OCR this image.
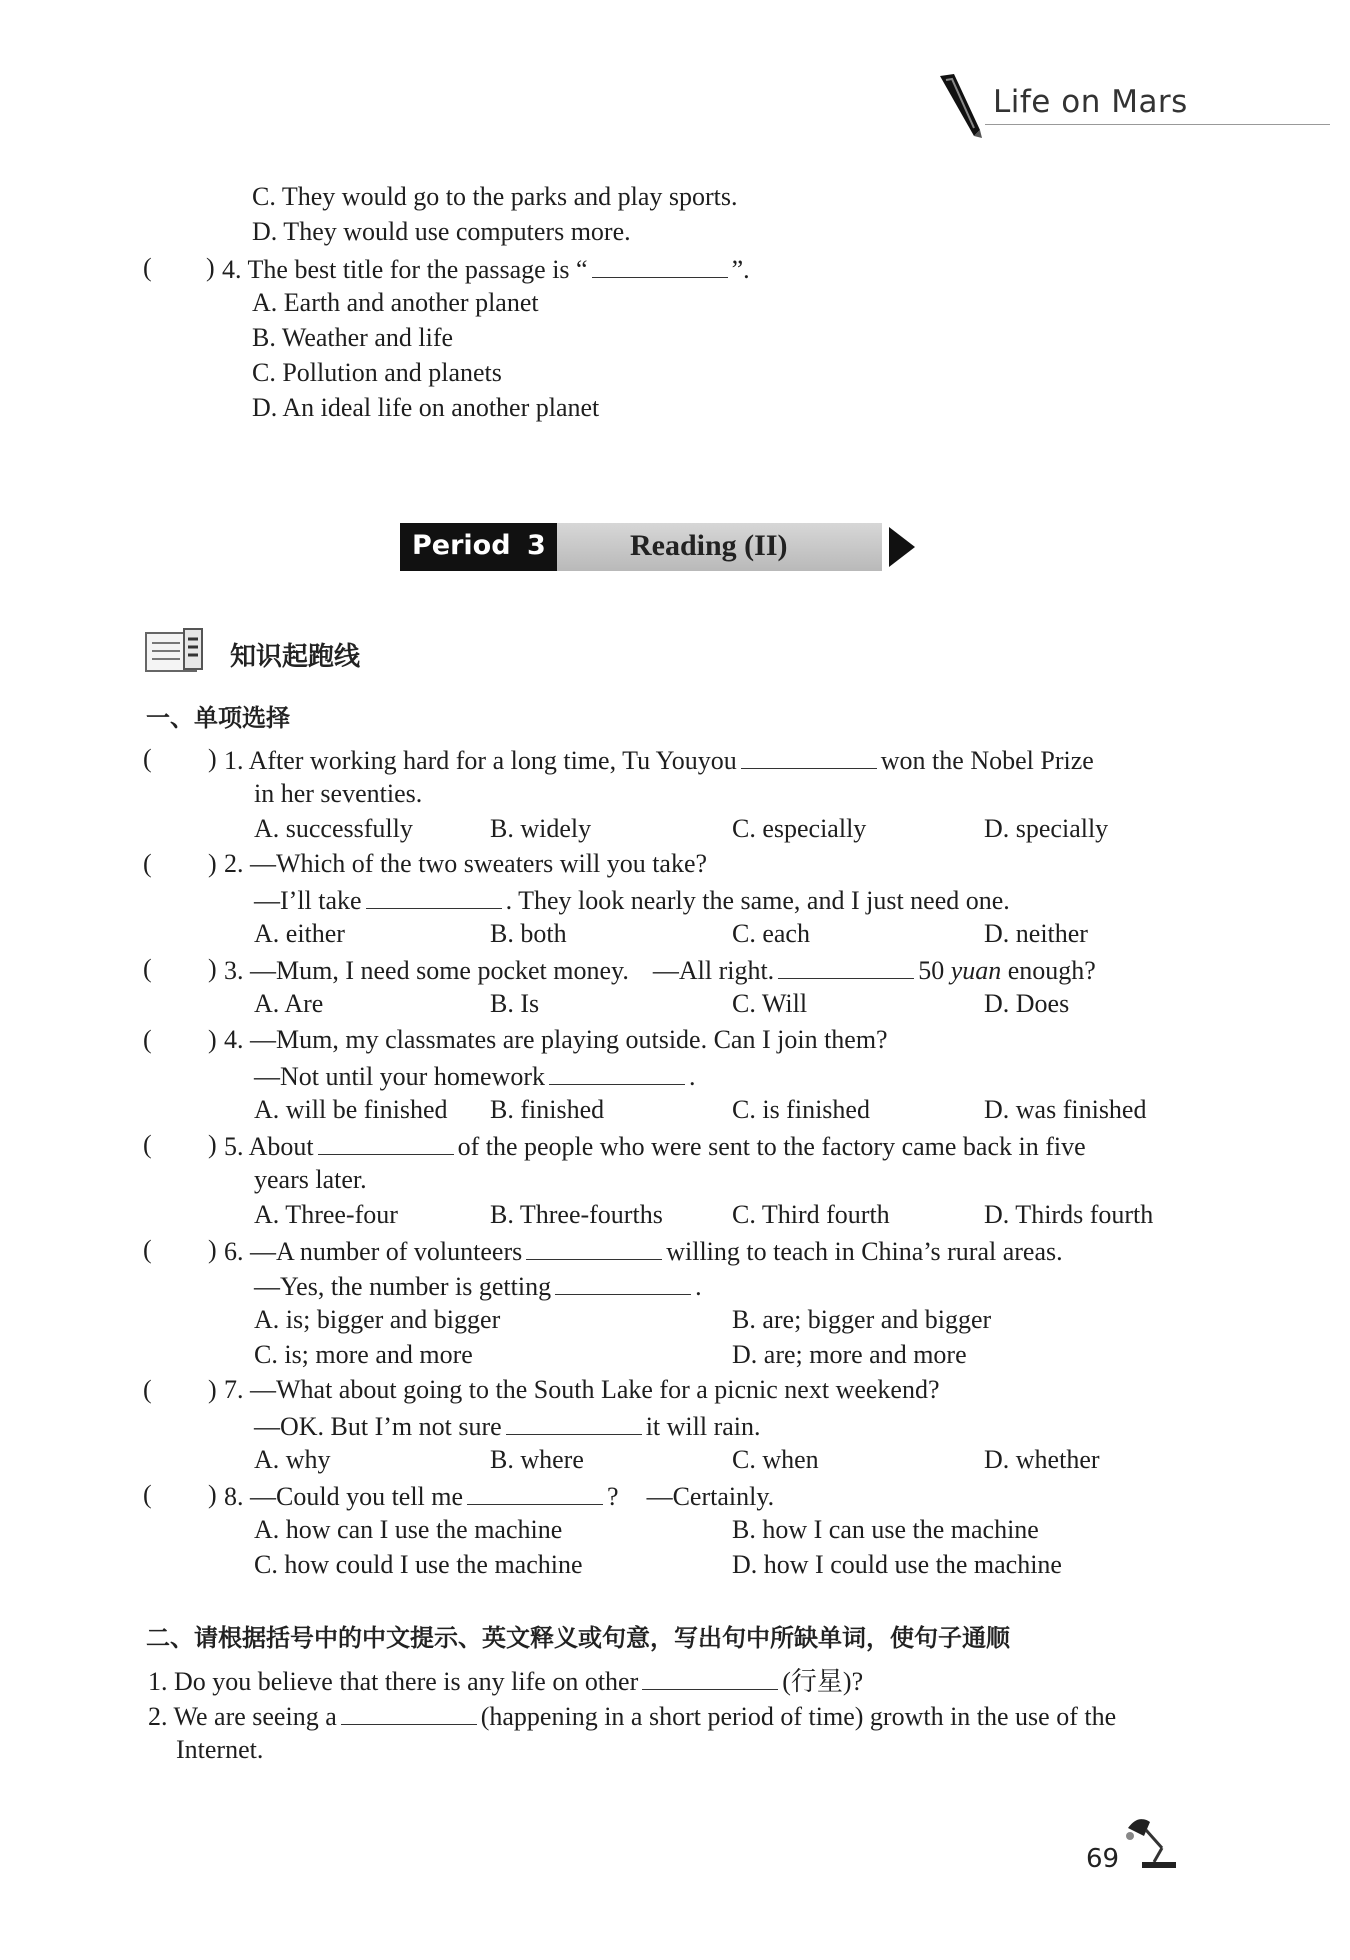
Life on Mars
C. They would go to the parks and play sports.
D. They would use computers more.
( ) 4. The best title for the passage is “	”.
A. Earth and another planet
B. Weather and life
C. Pollution and planets
D. An ideal life on another planet
Period 3	Reading (II)
知识起跑线
一、单项选择
( ) 1. After working hard for a long time, Tu Youyou	won the Nobel Prize
in her seventies.
A. successfully	B. widely	C. especially	D. specially
( ) 2. —Which of the two sweaters will you take?
—I’ll take	. They look nearly the same, and I just need one.
A. either	B. both	C. each	D. neither
( ) 3. —Mum, I need some pocket money. —All right.	50 yuan enough?
A. Are	B. Is	C. Will	D. Does
( ) 4. —Mum, my classmates are playing outside. Can I join them?
—Not until your homework	.
A. will be finished B. finished	C. is finished	D. was finished
( ) 5. About	of the people who were sent to the factory came back in five
years later.
A. Three-four	B. Three-fourths	C. Third fourth	D. Thirds fourth
( ) 6. —A number of volunteers	willing to teach in China’s rural areas.
—Yes, the number is getting	.
A. is; bigger and bigger	B. are; bigger and bigger
C. is; more and more	D. are; more and more
( ) 7. —What about going to the South Lake for a picnic next weekend?
—OK. But I’m not sure	it will rain.
A. why	B. where	C. when	D. whether
( ) 8. —Could you tell me	? —Certainly.
A. how can I use the machine	B. how I can use the machine
C. how could I use the machine	D. how I could use the machine
二、请根据括号中的中文提示、英文释义或句意，写出句中所缺单词，使句子通顺
1. Do you believe that there is any life on other	(行星)?
2. We are seeing a	(happening in a short period of time) growth in the use of the
Internet.
69
